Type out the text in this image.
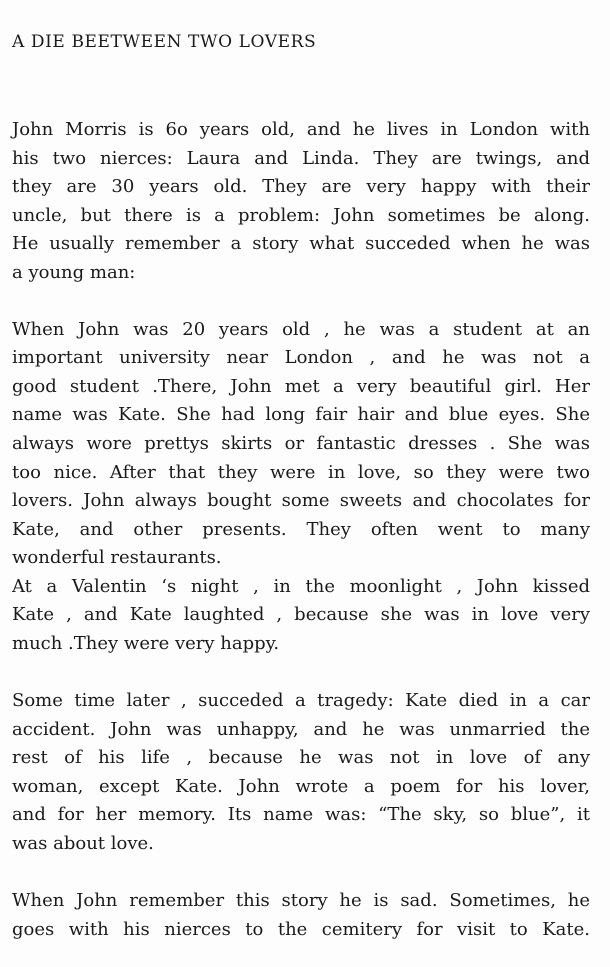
A DIE BEETWEEN TWO LOVERS
John Morris is 6o years old, and he lives in London with
his two nierces: Laura and Linda. They are twings, and
they are 30 years old. They are very happy with their
uncle, but there is a problem: John sometimes be along.
He usually remember a story what succeded when he was
a young man:
When John was 20 years old , he was a student at an
important university near London , and he was not a
good student .There, John met a very beautiful girl. Her
name was Kate. She had long fair hair and blue eyes. She
always wore prettys skirts or fantastic dresses . She was
too nice. After that they were in love, so they were two
lovers. John always bought some sweets and chocolates for
Kate, and other presents. They often went to many
wonderful restaurants.
At a Valentin ‘s night , in the moonlight , John kissed
Kate , and Kate laughted , because she was in love very
much .They were very happy.
Some time later , succeded a tragedy: Kate died in a car
accident. John was unhappy, and he was unmarried the
rest of his life , because he was not in love of any
woman, except Kate. John wrote a poem for his lover,
and for her memory. Its name was: “The sky, so blue”, it
was about love.
When John remember this story he is sad. Sometimes, he
goes with his nierces to the cemitery for visit to Kate.
